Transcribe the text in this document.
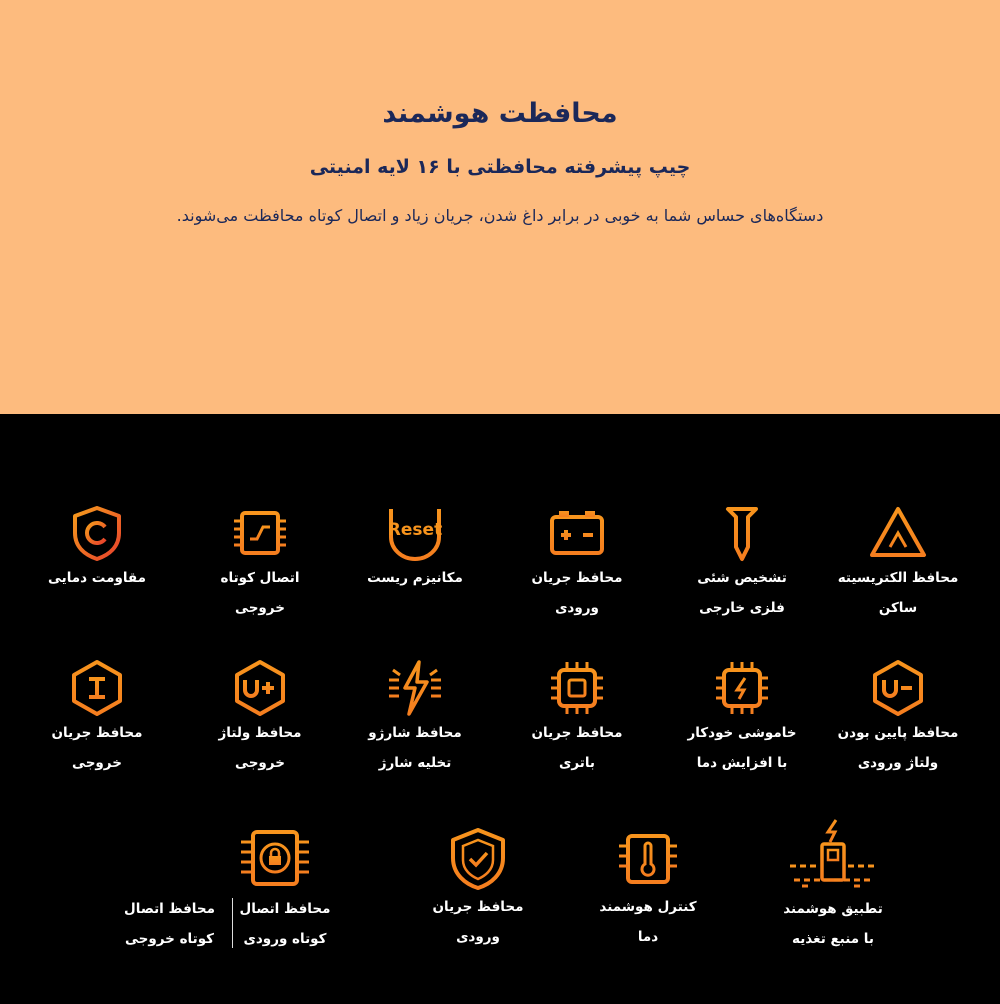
محافظت هوشمند
چیپ پیشرفته محافظتی با ۱۶ لایه امنیتی
دستگاه‌های حساس شما به خوبی در برابر داغ شدن، جریان زیاد و اتصال کوتاه محافظت می‌شوند.
محافظ الکتریسیته
ساکن
تشخیص شئی
فلزی خارجی
محافظ جریان
ورودی
Reset
مکانیزم ریست
اتصال کوتاه
خروجی
مقاومت دمایی
محافظ پایین بودن
ولتاژ ورودی
خاموشی خودکار
با افزایش دما
محافظ جریان
باتری
محافظ شارژو
تخلیه شارژ
محافظ ولتاژ
خروجی
محافظ جریان
خروجی
تطبیق هوشمند
با منبع تغذیه
کنترل هوشمند
دما
محافظ جریان
ورودی
محافظ اتصال
کوتاه ورودی
محافظ اتصال
کوتاه خروجی
